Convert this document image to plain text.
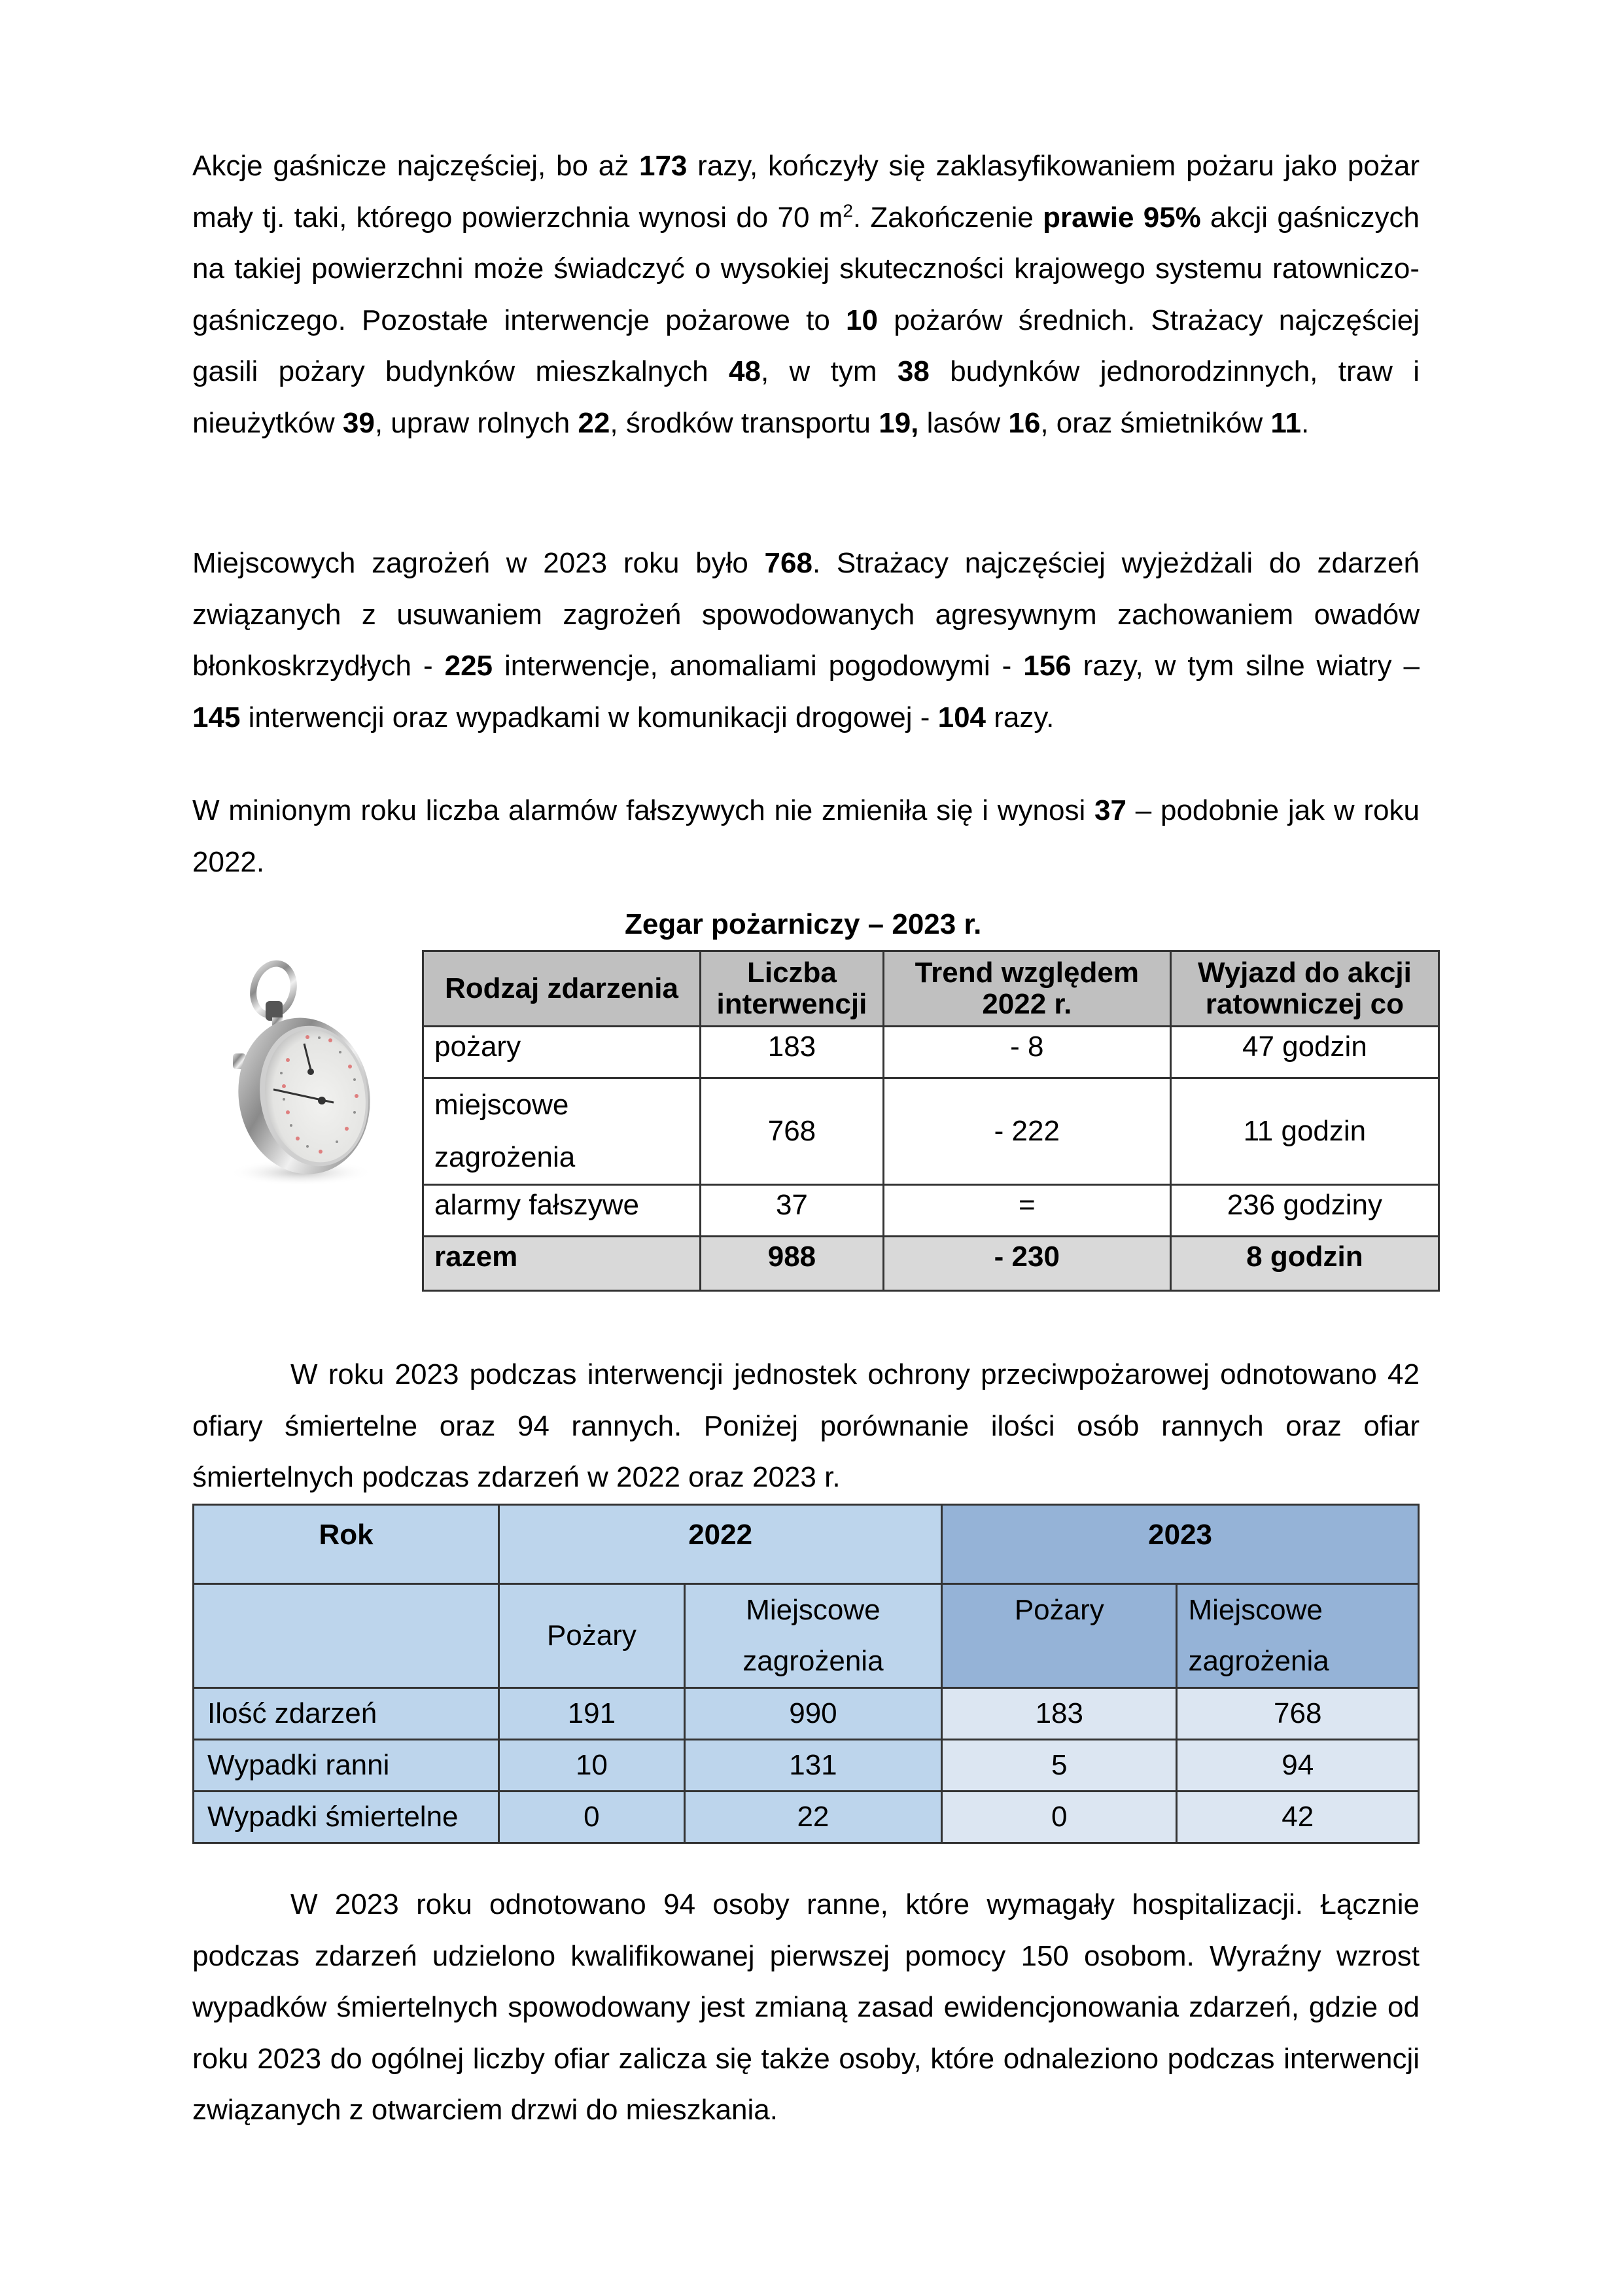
Akcje gaśnicze najczęściej, bo aż 173 razy, kończyły się zaklasyfikowaniem pożaru jako pożar mały tj. taki, którego powierzchnia wynosi do 70 $m^2$. Zakończenie prawie 95% akcji gaśniczych na takiej powierzchni może świadczyć o wysokiej skuteczności krajowego systemu ratowniczo-gaśniczego. Pozostałe interwencje pożarowe to 10 pożarów średnich. Strażacy najczęściej gasili pożary budynków mieszkalnych 48, w tym 38 budynków jednorodzinnych, traw i nieużytków 39, upraw rolnych 22, środków transportu 19, lasów 16, oraz śmietników 11.

Miejscowych zagrożeń w 2023 roku było 768. Strażacy najczęściej wyjeżdżali do zdarzeń związanych z usuwaniem zagrożeń spowodowanych agresywnym zachowaniem owadów błonkoskrzydłych - 225 interwencje, anomaliami pogodowymi - 156 razy, w tym silne wiatry – 145 interwencji oraz wypadkami w komunikacji drogowej - 104 razy.

W minionym roku liczba alarmów fałszywych nie zmieniła się i wynosi 37 – podobnie jak w roku 2022.

Zegar pożarniczy – 2023 r.
Rodzaj zdarzenia	Liczba interwencji	Trend względem 2022 r.	Wyjazd do akcji ratowniczej co
pożary	183	- 8	47 godzin
miejscowe zagrożenia	768	- 222	11 godzin
alarmy fałszywe	37	=	236 godziny
razem	988	- 230	8 godzin

W roku 2023 podczas interwencji jednostek ochrony przeciwpożarowej odnotowano 42 ofiary śmiertelne oraz 94 rannych. Poniżej porównanie ilości osób rannych oraz ofiar śmiertelnych podczas zdarzeń w 2022 oraz 2023 r.

Rok	2022		2023	
	Pożary	Miejscowe zagrożenia	Pożary	Miejscowe zagrożenia
Ilość zdarzeń	191	990	183	768
Wypadki ranni	10	131	5	94
Wypadki śmiertelne	0	22	0	42

W 2023 roku odnotowano 94 osoby ranne, które wymagały hospitalizacji. Łącznie podczas zdarzeń udzielono kwalifikowanej pierwszej pomocy 150 osobom. Wyraźny wzrost wypadków śmiertelnych spowodowany jest zmianą zasad ewidencjonowania zdarzeń, gdzie od roku 2023 do ogólnej liczby ofiar zalicza się także osoby, które odnaleziono podczas interwencji związanych z otwarciem drzwi do mieszkania.
